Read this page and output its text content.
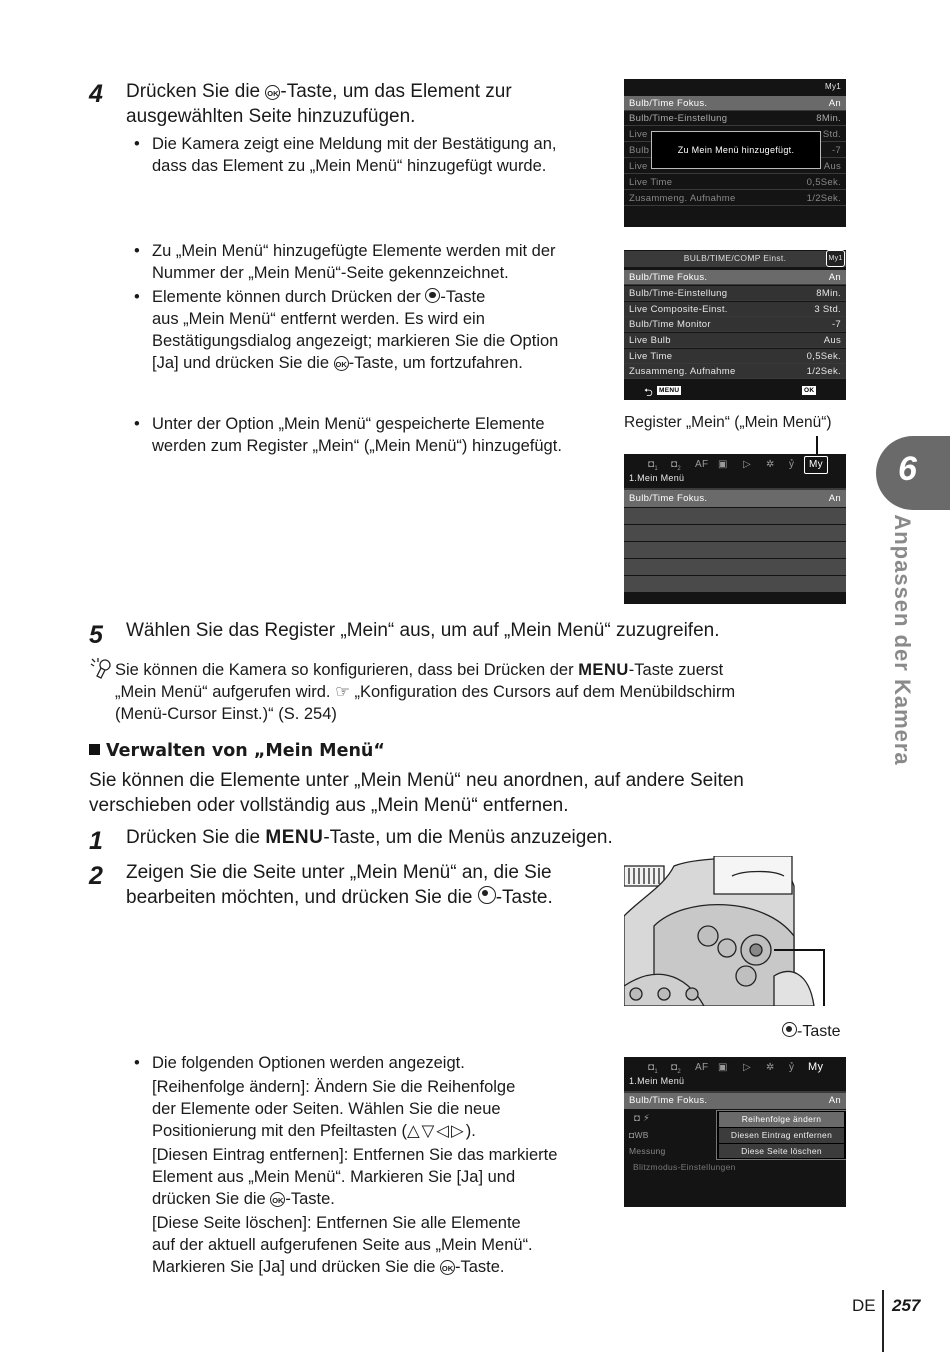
4 Drücken Sie die OK-Taste, um das Element zur
ausgewählten Seite hinzuzufügen.
• Die Kamera zeigt eine Meldung mit der Bestätigung an,
dass das Element zu „Mein Menü“ hinzugefügt wurde.
My1
Bulb/Time Fokus.	An
Bulb/Time-Einstellung	8Min.
Live	Std.
Bulb	-7
Live	Aus
Live Time	0,5Sek.
Zusammeng. Aufnahme	1/2Sek.
Zu Mein Menü hinzugefügt.
• Zu „Mein Menü“ hinzugefügte Elemente werden mit der
Nummer der „Mein Menü“-Seite gekennzeichnet.
• Elemente können durch Drücken der -Taste
aus „Mein Menü“ entfernt werden. Es wird ein
Bestätigungsdialog angezeigt; markieren Sie die Option
[Ja] und drücken Sie die OK -Taste, um fortzufahren.
BULB/TIME/COMP Einst.	My1
Bulb/Time Fokus.	An
Bulb/Time-Einstellung	8Min.
Live Composite-Einst.	3 Std.
Bulb/Time Monitor	-7
Live Bulb	Aus
Live Time	0,5Sek.
Zusammeng. Aufnahme	1/2Sek.
⮌ MENU	OK
• Unter der Option „Mein Menü“ gespeicherte Elemente
werden zum Register „Mein“ („Mein Menü“) hinzugefügt.
Register „Mein“ („Mein Menü“)
$◘_1$ $◘_2$ AF ▣ ▷ ✲ ỷ	My
1.Mein Menü
Bulb/Time Fokus.	An
5 Wählen Sie das Register „Mein“ aus, um auf „Mein Menü“ zuzugreifen.
Sie können die Kamera so konfigurieren, dass bei Drücken der MENU-Taste zuerst
„Mein Menü“ aufgerufen wird. ☞ „Konfiguration des Cursors auf dem Menübildschirm
(Menü-Cursor Einst.)“ (S. 254)
Verwalten von „Mein Menü“
Sie können die Elemente unter „Mein Menü“ neu anordnen, auf andere Seiten
verschieben oder vollständig aus „Mein Menü“ entfernen.
1 Drücken Sie die MENU-Taste, um die Menüs anzuzeigen.
2 Zeigen Sie die Seite unter „Mein Menü“ an, die Sie
bearbeiten möchten, und drücken Sie die -Taste.
-Taste
• Die folgenden Optionen werden angezeigt.
[Reihenfolge ändern]: Ändern Sie die Reihenfolge
der Elemente oder Seiten. Wählen Sie die neue
Positionierung mit den Pfeiltasten (△▽◁▷).
[Diesen Eintrag entfernen]: Entfernen Sie das markierte
Element aus „Mein Menü“. Markieren Sie [Ja] und
drücken Sie die OK -Taste.
[Diese Seite löschen]: Entfernen Sie alle Elemente
auf der aktuell aufgerufenen Seite aus „Mein Menü“.
Markieren Sie [Ja] und drücken Sie die OK -Taste.
$◘_1$ $◘_2$ AF ▣ ▷ ✲ ỷ My
1.Mein Menü
Bulb/Time Fokus.	An
◘ ⚡
◘WB
Messung
Blitzmodus-Einstellungen
Reihenfolge ändern
Diesen Eintrag entfernen
Diese Seite löschen
6
Anpassen der Kamera
DE 257
